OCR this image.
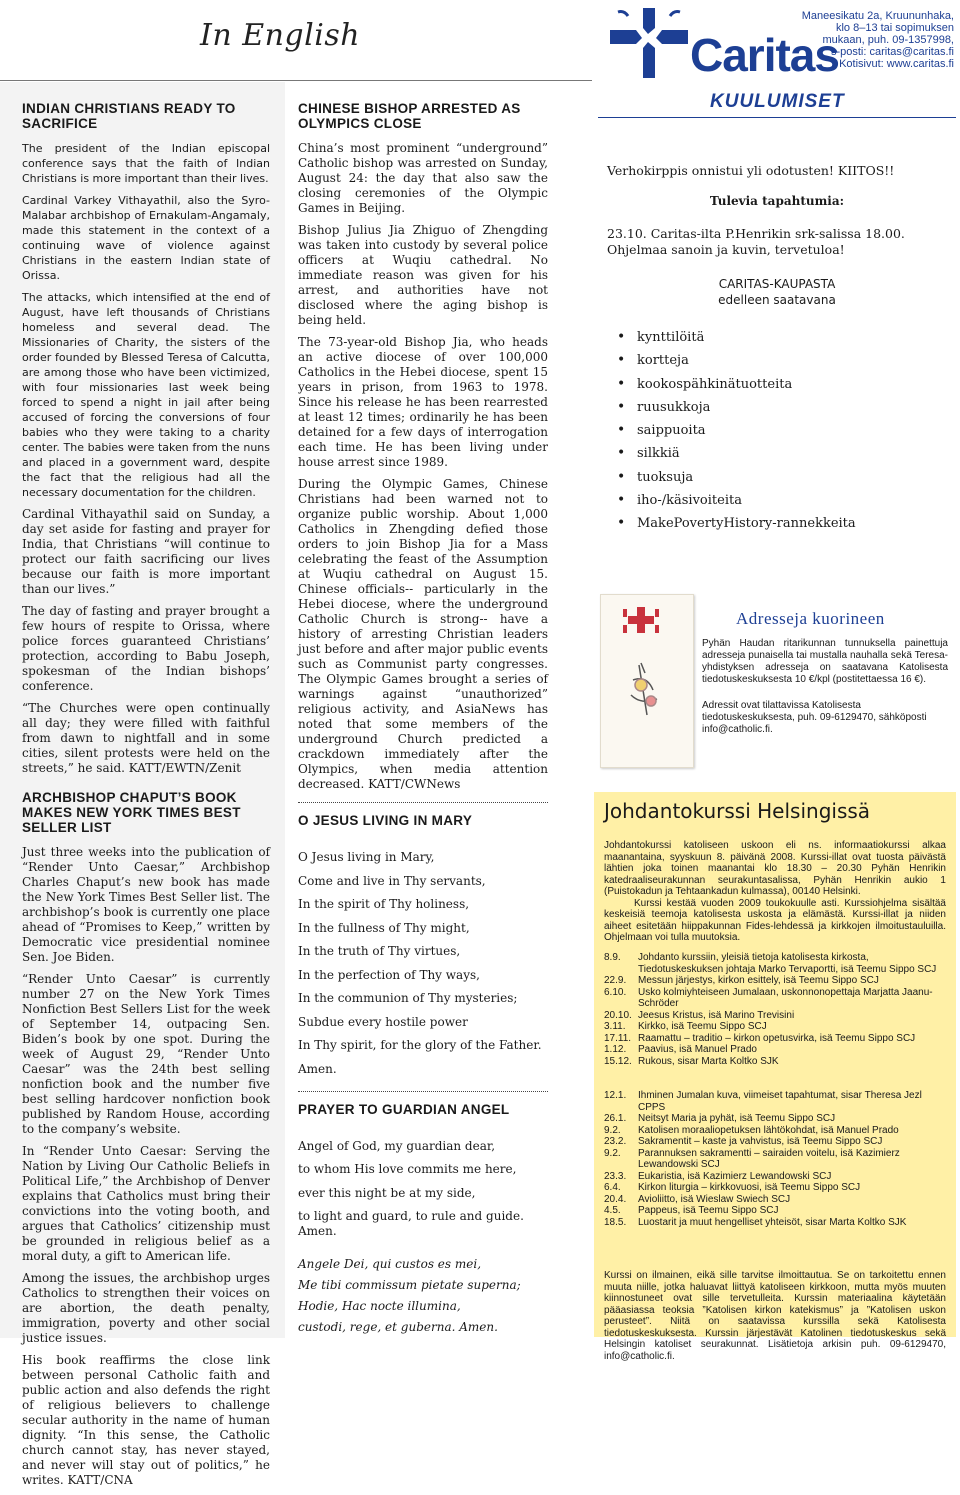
In English
INDIAN CHRISTIANS READY TO SACRIFICE

The president of the Indian episcopal conference says that the faith of Indian Christians is more important than their lives.

Cardinal Varkey Vithayathil, also the Syro-Malabar archbishop of Ernakulam-Angamaly, made this statement in the context of a continuing wave of violence against Christians in the eastern Indian state of Orissa.

The attacks, which intensified at the end of August, have left thousands of Christians homeless and several dead. The Missionaries of Charity, the sisters of the order founded by Blessed Teresa of Calcutta, are among those who have been victimized, with four missionaries last week being forced to spend a night in jail after being accused of forcing the conversions of four babies who they were taking to a charity center. The babies were taken from the nuns and placed in a government ward, despite the fact that the religious had all the necessary documentation for the children.

Cardinal Vithayathil said on Sunday, a day set aside for fasting and prayer for India, that Christians “will continue to protect our faith sacrificing our lives because our faith is more important than our lives.”

The day of fasting and prayer brought a few hours of respite to Orissa, where police forces guaranteed Christians’ protection, according to Babu Joseph, spokesman of the Indian bishops’ conference.

“The Churches were open continually all day; they were filled with faithful from dawn to nightfall and in some cities, silent protests were held on the streets,” he said. KATT/EWTN/Zenit

ARCHBISHOP CHAPUT’S BOOK MAKES NEW YORK TIMES BEST SELLER LIST

Just three weeks into the publication of “Render Unto Caesar,” Archbishop Charles Chaput’s new book has made the New York Times Best Seller list. The archbishop’s book is currently one place ahead of “Promises to Keep,” written by Democratic vice presidential nominee Sen. Joe Biden.

“Render Unto Caesar” is currently number 27 on the New York Times Nonfiction Best Sellers List for the week of September 14, outpacing Sen. Biden’s book by one spot. During the week of August 29, “Render Unto Caesar” was the 24th best selling nonfiction book and the number five best selling hardcover nonfiction book published by Random House, according to the company’s website.

In “Render Unto Caesar: Serving the Nation by Living Our Catholic Beliefs in Political Life,” the Archbishop of Denver explains that Catholics must bring their convictions into the voting booth, and argues that Catholics’ citizenship must be grounded in religious belief as a moral duty, a gift to American life.

Among the issues, the archbishop urges Catholics to strengthen their voices on are abortion, the death penalty, immigration, poverty and other social justice issues.

His book reaffirms the close link between personal Catholic faith and public action and also defends the right of religious believers to challenge secular authority in the name of human dignity. “In this sense, the Catholic church cannot stay, has never stayed, and never will stay out of politics,” he writes. KATT/CNA

CHINESE BISHOP ARRESTED AS OLYMPICS CLOSE

China’s most prominent “underground” Catholic bishop was arrested on Sunday, August 24: the day that also saw the closing ceremonies of the Olympic Games in Beijing.

Bishop Julius Jia Zhiguo of Zhengding was taken into custody by several police officers at Wuqiu cathedral. No immediate reason was given for his arrest, and authorities have not disclosed where the aging bishop is being held.

The 73-year-old Bishop Jia, who heads an active diocese of over 100,000 Catholics in the Hebei diocese, spent 15 years in prison, from 1963 to 1978. Since his release he has been rearrested at least 12 times; ordinarily he has been detained for a few days of interrogation each time. He has been living under house arrest since 1989.

During the Olympic Games, Chinese Christians had been warned not to organize public worship. About 1,000 Catholics in Zhengding defied those orders to join Bishop Jia for a Mass celebrating the feast of the Assumption at Wuqiu cathedral on August 15. Chinese officials-- particularly in the Hebei diocese, where the underground Catholic Church is strong-- have a history of arresting Christian leaders just before and after major public events such as Communist party congresses. The Olympic Games brought a series of warnings against “unauthorized” religious activity, and AsiaNews has noted that some members of the underground Church predicted a crackdown immediately after the Olympics, when media attention decreased. KATT/CWNews

O JESUS LIVING IN MARY

O Jesus living in Mary,

Come and live in Thy servants,

In the spirit of Thy holiness,

In the fullness of Thy might,

In the truth of Thy virtues,

In the perfection of Thy ways,

In the communion of Thy mysteries;

Subdue every hostile power

In Thy spirit, for the glory of the Father.

Amen.

PRAYER TO GUARDIAN ANGEL

Angel of God, my guardian dear,

to whom His love commits me here,

ever this night be at my side,

to light and guard, to rule and guide. Amen.

Angele Dei, qui custos es mei,

Me tibi commissum pietate superna;

Hodie, Hac nocte illumina,

custodi, rege, et guberna. Amen.

Caritas
Maneesikatu 2a, Kruununhaka,
klo 8–13 tai sopimuksen
mukaan, puh. 09-1357998,
s-posti: caritas@caritas.fi
Kotisivut: www.caritas.fi
KUULUMISET
Verhokirppis onnistui yli odotusten! KIITOS!!
Tulevia tapahtumia:
23.10. Caritas-ilta P.Henrikin srk-salissa 18.00. Ohjelmaa sanoin ja kuvin, tervetuloa!
CARITAS-KAUPASTA
edelleen saatavana
• kynttilöitä
• kortteja
• kookospähkinätuotteita
• ruusukkoja
• saippuoita
• silkkiä
• tuoksuja
• iho-/käsivoiteita
• MakePovertyHistory-rannekkeita
Adresseja kuorineen
Pyhän Haudan ritarikunnan tunnuksella painettuja adresseja punaisella tai mustalla nauhalla sekä Teresa-yhdistyksen adresseja on saatavana Katolisesta tiedotuskeskuksesta 10 €/kpl (postitettaessa 16 €).
Adressit ovat tilattavissa Katolisesta tiedotuskeskuksesta, puh. 09-6129470, sähköposti info@catholic.fi.
Johdantokurssi Helsingissä
Johdantokurssi katoliseen uskoon eli ns. informaatiokurssi alkaa maanantaina, syyskuun 8. päivänä 2008. Kurssi-illat ovat tuosta päivästä lähtien joka toinen maanantai klo 18.30 – 20.30 Pyhän Henrikin katedraaliseurakunnan seurakuntasalissa, Pyhän Henrikin aukio 1 (Puistokadun ja Tehtaankadun kulmassa), 00140 Helsinki.
Kurssi kestää vuoden 2009 toukokuulle asti. Kurssiohjelma sisältää keskeisiä teemoja katolisesta uskosta ja elämästä. Kurssi-illat ja niiden aiheet esitetään hiippakunnan Fides-lehdessä ja kirkkojen ilmoitustauluilla. Ohjelmaan voi tulla muutoksia.
8.9.	Johdanto kurssiin, yleisiä tietoja katolisesta kirkosta, Tiedotuskeskuksen johtaja Marko Tervaportti, isä Teemu Sippo SCJ
22.9.	Messun järjestys, kirkon esittely, isä Teemu Sippo SCJ
6.10.	Usko kolmiyhteiseen Jumalaan, uskonnonopettaja Marjatta Jaanu-Schröder
20.10.	Jeesus Kristus, isä Marino Trevisini
3.11.	Kirkko, isä Teemu Sippo SCJ
17.11.	Raamattu – traditio – kirkon opetusvirka, isä Teemu Sippo SCJ
1.12.	Paavius, isä Manuel Prado
15.12.	Rukous, sisar Marta Koltko SJK
12.1.	Ihminen Jumalan kuva, viimeiset tapahtumat, sisar Theresa Jezl CPPS
26.1.	Neitsyt Maria ja pyhät, isä Teemu Sippo SCJ
9.2.	Katolisen moraaliopetuksen lähtökohdat, isä Manuel Prado
23.2.	Sakramentit – kaste ja vahvistus, isä Teemu Sippo SCJ
9.2.	Parannuksen sakramentti – sairaiden voitelu, isä Kazimierz Lewandowski SCJ
23.3.	Eukaristia, isä Kazimierz Lewandowski SCJ
6.4.	Kirkon liturgia – kirkkovuosi, isä Teemu Sippo SCJ
20.4.	Avioliitto, isä Wieslaw Swiech SCJ
4.5.	Pappeus, isä Teemu Sippo SCJ
18.5.	Luostarit ja muut hengelliset yhteisöt, sisar Marta Koltko SJK
Kurssi on ilmainen, eikä sille tarvitse ilmoittautua. Se on tarkoitettu ennen muuta niille, jotka haluavat liittyä katoliseen kirkkoon, mutta myös muuten kiinnostuneet ovat sille tervetulleita. Kurssin materiaalina käytetään pääasiassa teoksia ”Katolisen kirkon katekismus” ja ”Katolisen uskon perusteet”. Niitä on saatavissa kurssilla sekä Katolisesta tiedotuskeskuksesta. Kurssin järjestävät Katolinen tiedotuskeskus sekä Helsingin katoliset seurakunnat. Lisätietoja arkisin puh. 09-6129470, info@catholic.fi.
